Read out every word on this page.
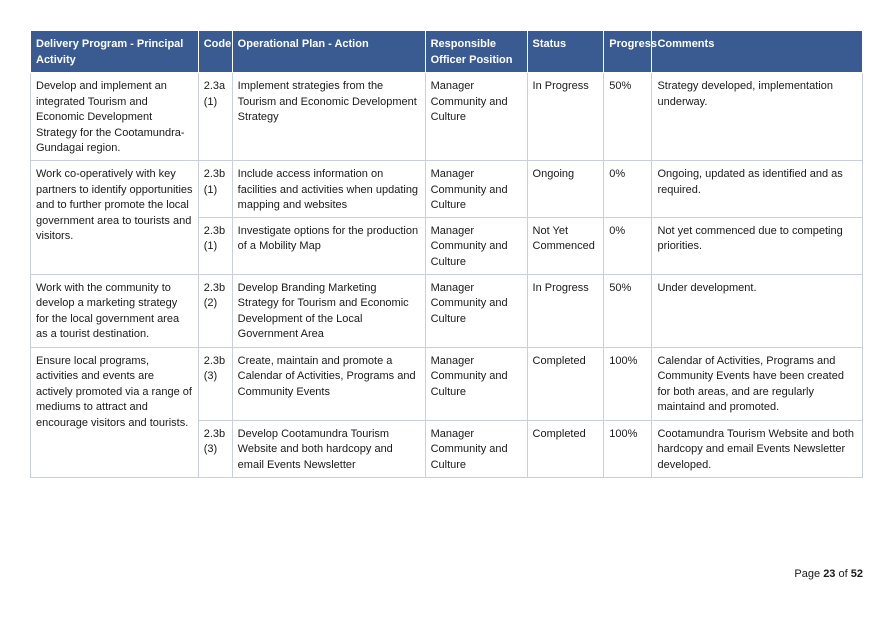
Delivery Program - Principal Activity	Code	Operational Plan - Action	Responsible Officer Position	Status	Progress	Comments
Develop and implement an integrated Tourism and Economic Development Strategy for the Cootamundra-Gundagai region.	2.3a (1)	Implement strategies from the Tourism and Economic Development Strategy	Manager Community and Culture	In Progress	50%	Strategy developed, implementation underway.
Work co-operatively with key partners to identify opportunities and to further promote the local government area to tourists and visitors.	2.3b (1)	Include access information on facilities and activities when updating mapping and websites	Manager Community and Culture	Ongoing	0%	Ongoing, updated as identified and as required.
	2.3b (1)	Investigate options for the production of a Mobility Map	Manager Community and Culture	Not Yet Commenced	0%	Not yet commenced due to competing priorities.
Work with the community to develop a marketing strategy for the local government area as a tourist destination.	2.3b (2)	Develop Branding Marketing Strategy for Tourism and Economic Development of the Local Government Area	Manager Community and Culture	In Progress	50%	Under development.
Ensure local programs, activities and events are actively promoted via a range of mediums to attract and encourage visitors and tourists.	2.3b (3)	Create, maintain and promote a Calendar of Activities, Programs and Community Events	Manager Community and Culture	Completed	100%	Calendar of Activities, Programs and Community Events have been created for both areas, and are regularly maintaind and promoted.
	2.3b (3)	Develop Cootamundra Tourism Website and both hardcopy and email Events Newsletter	Manager Community and Culture	Completed	100%	Cootamundra Tourism Website and both hardcopy and email Events Newsletter developed.
Page 23 of 52
